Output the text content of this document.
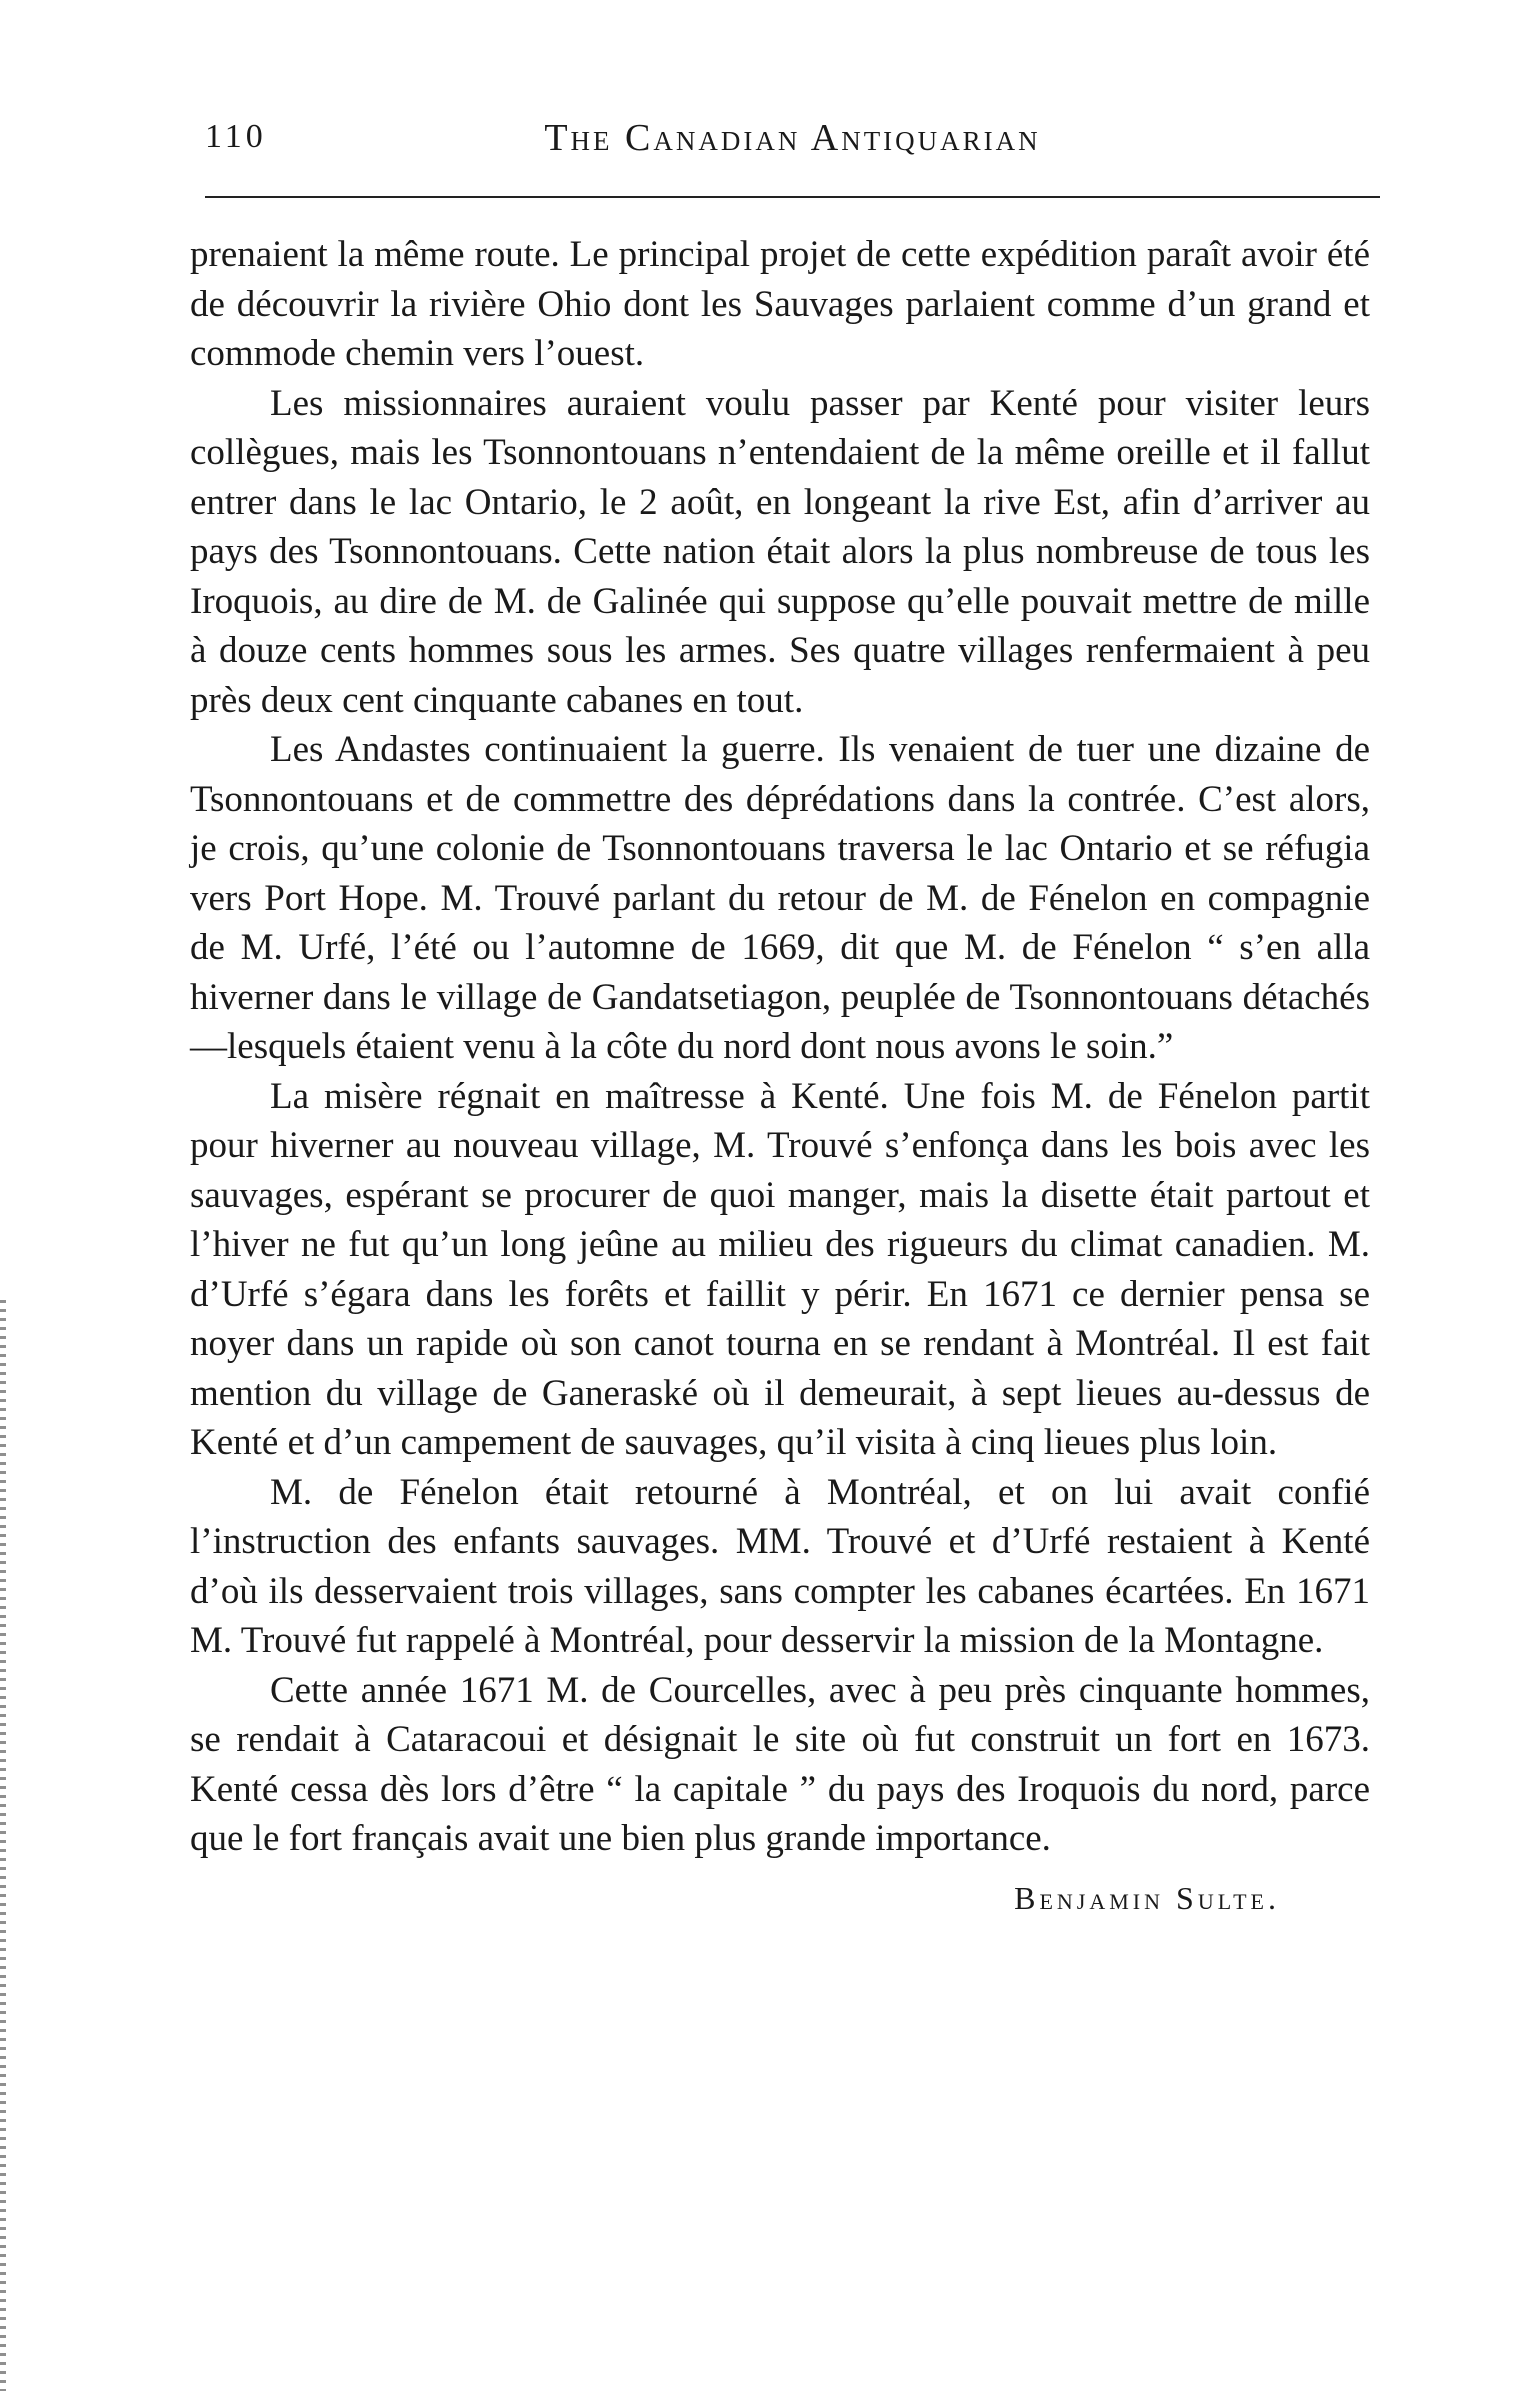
110	The Canadian Antiquarian

prenaient la même route. Le principal projet de cette expédition paraît avoir été de découvrir la rivière Ohio dont les Sauvages parlaient comme d’un grand et commode chemin vers l’ouest.

Les missionnaires auraient voulu passer par Kenté pour visiter leurs collègues, mais les Tsonnontouans n’entendaient de la même oreille et il fallut entrer dans le lac Ontario, le 2 août, en longeant la rive Est, afin d’arriver au pays des Tsonnontouans. Cette nation était alors la plus nombreuse de tous les Iroquois, au dire de M. de Galinée qui suppose qu’elle pouvait mettre de mille à douze cents hommes sous les armes. Ses quatre villages renfermaient à peu près deux cent cinquante cabanes en tout.

Les Andastes continuaient la guerre. Ils venaient de tuer une dizaine de Tsonnontouans et de commettre des déprédations dans la contrée. C’est alors, je crois, qu’une colonie de Tsonnontouans traversa le lac Ontario et se réfugia vers Port Hope. M. Trouvé parlant du retour de M. de Fénelon en compagnie de M. Urfé, l’été ou l’automne de 1669, dit que M. de Fénelon “ s’en alla hiverner dans le village de Gandatsetiagon, peuplée de Tsonnontouans détachés—lesquels étaient venu à la côte du nord dont nous avons le soin.”

La misère régnait en maîtresse à Kenté. Une fois M. de Fénelon partit pour hiverner au nouveau village, M. Trouvé s’enfonça dans les bois avec les sauvages, espérant se procurer de quoi manger, mais la disette était partout et l’hiver ne fut qu’un long jeûne au milieu des rigueurs du climat canadien. M. d’Urfé s’égara dans les forêts et faillit y périr. En 1671 ce dernier pensa se noyer dans un rapide où son canot tourna en se rendant à Montréal. Il est fait mention du village de Ganeraské où il demeurait, à sept lieues au-dessus de Kenté et d’un campement de sauvages, qu’il visita à cinq lieues plus loin.

M. de Fénelon était retourné à Montréal, et on lui avait confié l’instruction des enfants sauvages. MM. Trouvé et d’Urfé restaient à Kenté d’où ils desservaient trois villages, sans compter les cabanes écartées. En 1671 M. Trouvé fut rappelé à Montréal, pour desservir la mission de la Montagne.

Cette année 1671 M. de Courcelles, avec à peu près cinquante hommes, se rendait à Cataracoui et désignait le site où fut construit un fort en 1673. Kenté cessa dès lors d’être “ la capitale ” du pays des Iroquois du nord, parce que le fort français avait une bien plus grande importance.

Benjamin Sulte.
